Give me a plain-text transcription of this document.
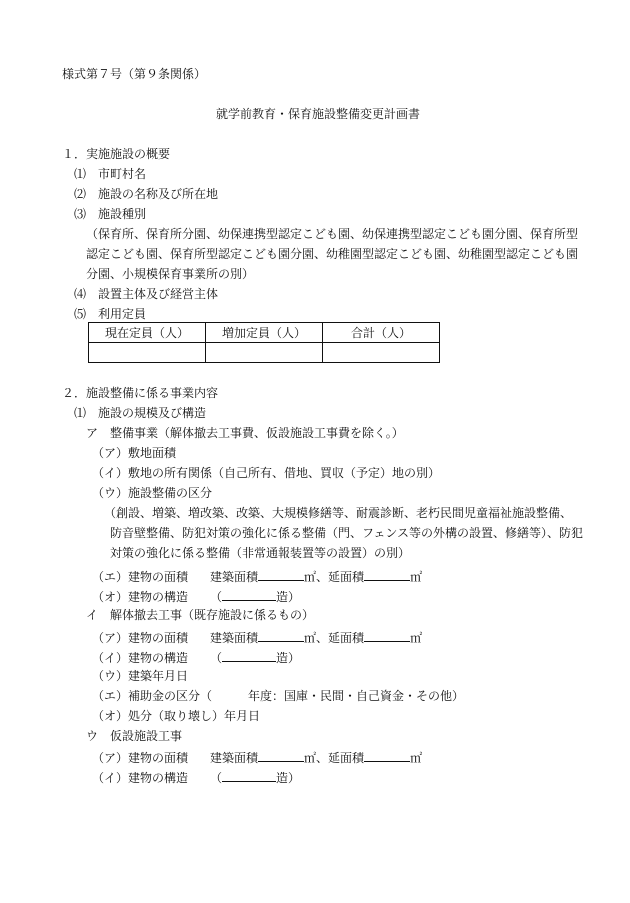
様式第７号（第９条関係）
就学前教育・保育施設整備変更計画書
１．実施施設の概要
⑴　市町村名
⑵　施設の名称及び所在地
⑶　施設種別
（保育所、保育所分園、幼保連携型認定こども園、幼保連携型認定こども園分園、保育所型
認定こども園、保育所型認定こども園分園、幼稚園型認定こども園、幼稚園型認定こども園
分園、小規模保育事業所の別）
⑷　設置主体及び経営主体
⑸　利用定員
現在定員（人）	増加定員（人）	合計（人）

２．施設整備に係る事業内容
⑴　施設の規模及び構造
ア　整備事業（解体撤去工事費、仮設施設工事費を除く。）
（ア）敷地面積
（イ）敷地の所有関係（自己所有、借地、買収（予定）地の別）
（ウ）施設整備の区分
（創設、増築、増改築、改築、大規模修繕等、耐震診断、老朽民間児童福祉施設整備、
防音壁整備、防犯対策の強化に係る整備（門、フェンス等の外構の設置、修繕等）、防犯
対策の強化に係る整備（非常通報装置等の設置）の別）
（エ）建物の面積 建築面積	㎡、延面積	㎡
（オ）建物の構造 （	造）
イ　解体撤去工事（既存施設に係るもの）
（ア）建物の面積 建築面積	㎡、延面積	㎡
（イ）建物の構造 （	造）
（ウ）建築年月日
（エ）補助金の区分（	年度：国庫・民間・自己資金・その他）
（オ）処分（取り壊し）年月日
ウ　仮設施設工事
（ア）建物の面積 建築面積	㎡、延面積	㎡
（イ）建物の構造 （	造）
